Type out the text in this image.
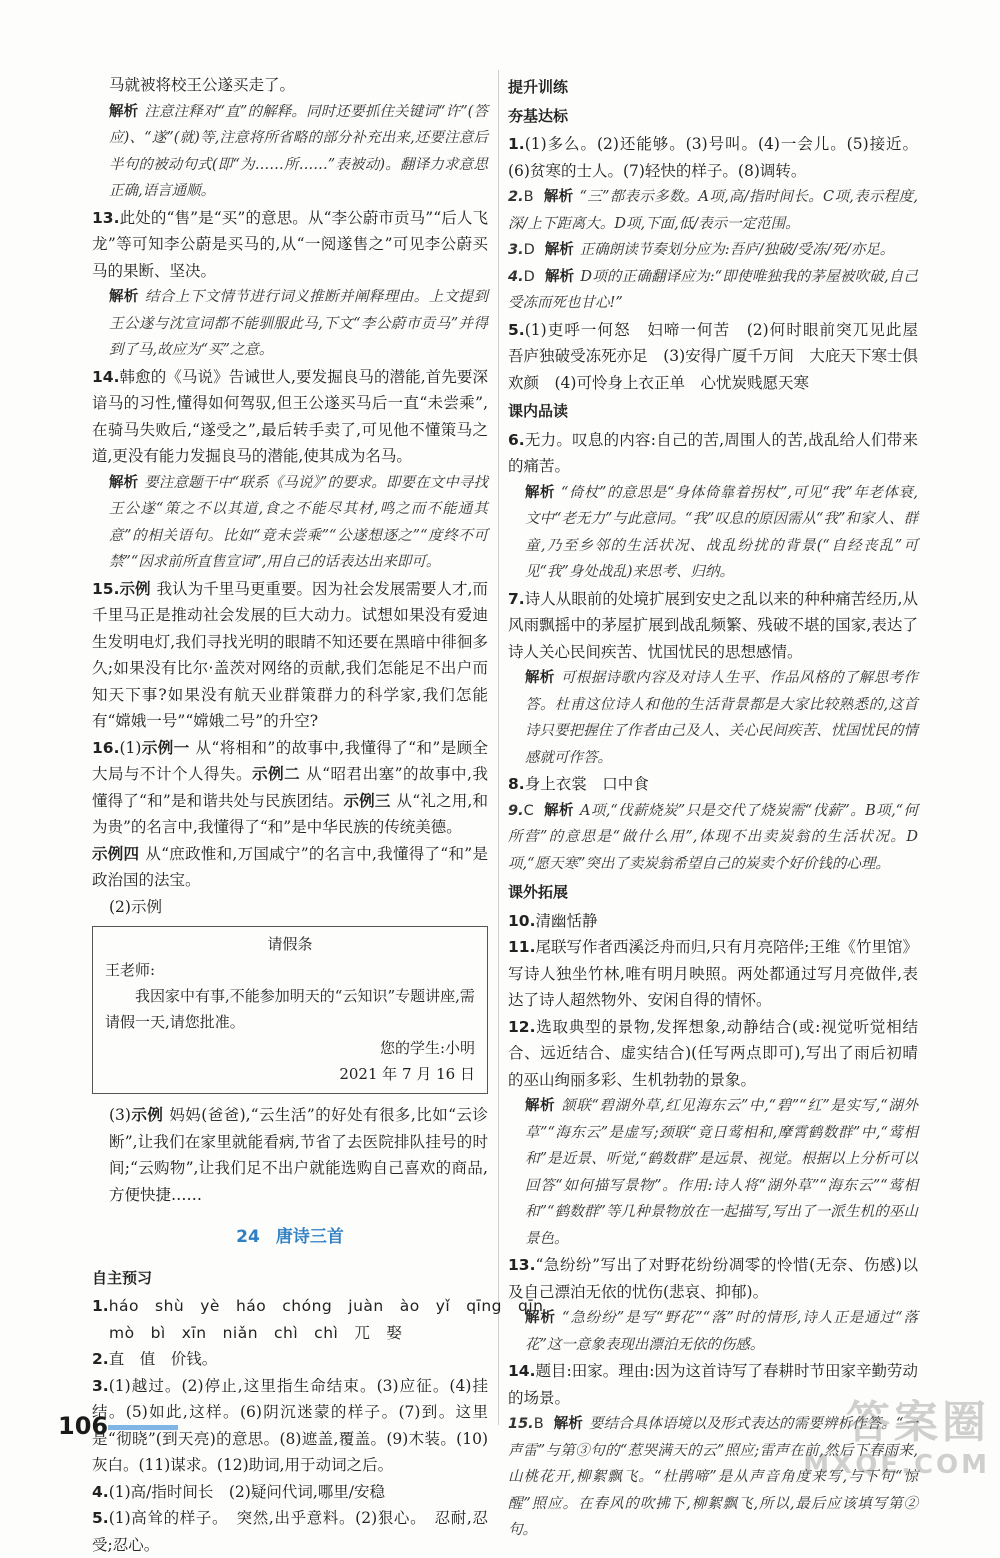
马就被将校王公遂买走了。

解析 注意注释对“直”的解释。同时还要抓住关键词“许”(答应)、“遂”(就)等,注意将所省略的部分补充出来,还要注意后半句的被动句式(即“为……所……”表被动)。翻译力求意思正确,语言通顺。

13.此处的“售”是“买”的意思。从“李公蔚市贡马”“后人飞龙”等可知李公蔚是买马的,从“一阅遂售之”可见李公蔚买马的果断、坚决。

解析 结合上下文情节进行词义推断并阐释理由。上文提到王公遂与沈宣词都不能驯服此马,下文“李公蔚市贡马”并得到了马,故应为“买”之意。

14.韩愈的《马说》告诫世人,要发掘良马的潜能,首先要深谙马的习性,懂得如何驾驭,但王公遂买马后一直“未尝乘”,在骑马失败后,“遂受之”,最后转手卖了,可见他不懂策马之道,更没有能力发掘良马的潜能,使其成为名马。

解析 要注意题干中“联系《马说》”的要求。即要在文中寻找王公遂“策之不以其道,食之不能尽其材,鸣之而不能通其意”的相关语句。比如“竟未尝乘”“公遂想逐之”“度终不可禁”“因求前所直售宣词”,用自己的话表达出来即可。

15.示例 我认为千里马更重要。因为社会发展需要人才,而千里马正是推动社会发展的巨大动力。试想如果没有爱迪生发明电灯,我们寻找光明的眼睛不知还要在黑暗中徘徊多久;如果没有比尔·盖茨对网络的贡献,我们怎能足不出户而知天下事?如果没有航天业群策群力的科学家,我们怎能有“嫦娥一号”“嫦娥二号”的升空?

16.(1)示例一 从“将相和”的故事中,我懂得了“和”是顾全大局与不计个人得失。示例二 从“昭君出塞”的故事中,我懂得了“和”是和谐共处与民族团结。示例三 从“礼之用,和为贵”的名言中,我懂得了“和”是中华民族的传统美德。

示例四 从“庶政惟和,万国咸宁”的名言中,我懂得了“和”是政治国的法宝。

(2)示例

请假条
王老师:
我因家中有事,不能参加明天的“云知识”专题讲座,需请假一天,请您批准。
您的学生:小明
2021 年 7 月 16 日

(3)示例 妈妈(爸爸),“云生活”的好处有很多,比如“云诊断”,让我们在家里就能看病,节省了去医院排队挂号的时间;“云购物”,让我们足不出户就能选购自己喜欢的商品,方便快捷……

24 唐诗三首
自主预习

1.háo shù yè háo chóng juàn ào yǐ qīng qīn

mò bì xīn niǎn chì chì 兀 娶

2.直　值　价钱。

3.(1)越过。(2)停止,这里指生命结束。(3)应征。(4)挂结。(5)如此,这样。(6)阴沉迷蒙的样子。(7)到。这里是“彻晓”(到天亮)的意思。(8)遮盖,覆盖。(9)木装。(10)灰白。(11)谋求。(12)助词,用于动词之后。

4.(1)高/指时间长　(2)疑问代词,哪里/安稳

5.(1)高耸的样子。　突然,出乎意料。(2)狠心。　忍耐,忍受;忍心。

提升训练
夯基达标

1.(1)多么。(2)还能够。(3)号叫。(4)一会儿。(5)接近。(6)贫寒的士人。(7)轻快的样子。(8)调转。

2.B 解析 “三”都表示多数。A项,高/指时间长。C项,表示程度,深/上下距离大。D项,下面,低/表示一定范围。

3.D 解析 正确朗读节奏划分应为:吾庐/独破/受冻/死/亦足。

4.D 解析 D项的正确翻译应为:“即使唯独我的茅屋被吹破,自己受冻而死也甘心!”

5.(1)吏呼一何怒　妇啼一何苦　(2)何时眼前突兀见此屋　吾庐独破受冻死亦足　(3)安得广厦千万间　大庇天下寒士俱欢颜　(4)可怜身上衣正单　心忧炭贱愿天寒

课内品读

6.无力。叹息的内容:自己的苦,周围人的苦,战乱给人们带来的痛苦。

解析 “倚杖”的意思是“身体倚靠着拐杖”,可见“我”年老体衰,文中“老无力”与此意同。“我”叹息的原因需从“我”和家人、群童,乃至乡邻的生活状况、战乱纷扰的背景(“自经丧乱”可见“我”身处战乱)来思考、归纳。

7.诗人从眼前的处境扩展到安史之乱以来的种种痛苦经历,从风雨飘摇中的茅屋扩展到战乱频繁、残破不堪的国家,表达了诗人关心民间疾苦、忧国忧民的思想感情。

解析 可根据诗歌内容及对诗人生平、作品风格的了解思考作答。杜甫这位诗人和他的生活背景都是大家比较熟悉的,这首诗只要把握住了作者由己及人、关心民间疾苦、忧国忧民的情感就可作答。

8.身上衣裳　口中食

9.C 解析 A项,“伐薪烧炭”只是交代了烧炭需“伐薪”。B项,“何所营”的意思是“做什么用”,体现不出卖炭翁的生活状况。D项,“愿天寒”突出了卖炭翁希望自己的炭卖个好价钱的心理。

课外拓展

10.清幽恬静

11.尾联写作者西溪泛舟而归,只有月亮陪伴;王维《竹里馆》写诗人独坐竹林,唯有明月映照。两处都通过写月亮做伴,表达了诗人超然物外、安闲自得的情怀。

12.选取典型的景物,发挥想象,动静结合(或:视觉听觉相结合、远近结合、虚实结合)(任写两点即可),写出了雨后初晴的巫山绚丽多彩、生机勃勃的景象。

解析 颔联“碧湖外草,红见海东云”中,“碧”“红”是实写,“湖外草”“海东云”是虚写;颈联“竟日莺相和,摩霄鹤数群”中,“莺相和”是近景、听觉,“鹤数群”是远景、视觉。根据以上分析可以回答“如何描写景物”。作用:诗人将“湖外草”“海东云”“莺相和”“鹤数群”等几种景物放在一起描写,写出了一派生机的巫山景色。

13.“急纷纷”写出了对野花纷纷凋零的怜惜(无奈、伤感)以及自己漂泊无依的忧伤(悲哀、抑郁)。

解析 “急纷纷”是写“野花”“落”时的情形,诗人正是通过“落花”这一意象表现出漂泊无依的伤感。

14.题目:田家。理由:因为这首诗写了春耕时节田家辛勤劳动的场景。

15.B 解析 要结合具体语境以及形式表达的需要辨析作答。“一声雷”与第③句的“惹哭满天的云”照应;雷声在前,然后下春雨来,山桃花开,柳絮飘飞。“杜鹃啼”是从声音角度来写,与下句“惊醒”照应。在春风的吹拂下,柳絮飘飞,所以,最后应该填写第②句。

106	答案圈
MXQE.COM
